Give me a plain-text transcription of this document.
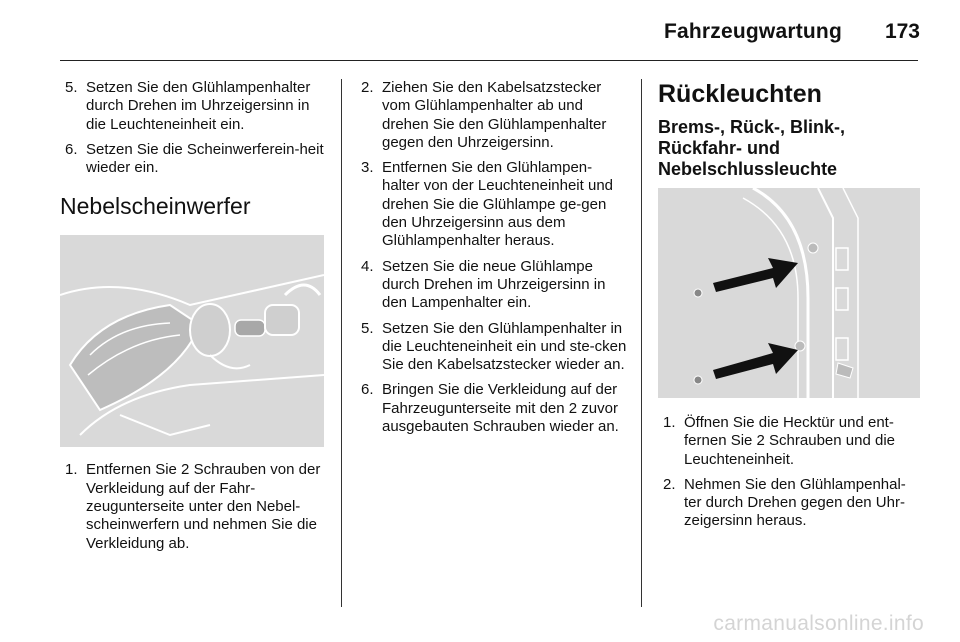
Fahrzeugwartung 173
5. Setzen Sie den Glühlampenhalter durch Drehen im Uhrzeigersinn in die Leuchteneinheit ein.
6. Setzen Sie die Scheinwerferein-heit wieder ein.
Nebelscheinwerfer
1. Entfernen Sie 2 Schrauben von der Verkleidung auf der Fahr-zeugunterseite unter den Nebel-scheinwerfern und nehmen Sie die Verkleidung ab.
2. Ziehen Sie den Kabelsatzstecker vom Glühlampenhalter ab und drehen Sie den Glühlampenhalter gegen den Uhrzeigersinn.
3. Entfernen Sie den Glühlampen-halter von der Leuchteneinheit und drehen Sie die Glühlampe ge-gen den Uhrzeigersinn aus dem Glühlampenhalter heraus.
4. Setzen Sie die neue Glühlampe durch Drehen im Uhrzeigersinn in den Lampenhalter ein.
5. Setzen Sie den Glühlampenhalter in die Leuchteneinheit ein und ste-cken Sie den Kabelsatzstecker wieder an.
6. Bringen Sie die Verkleidung auf der Fahrzeugunterseite mit den 2 zuvor ausgebauten Schrauben wieder an.
Rückleuchten
Brems-, Rück-, Blink-, Rückfahr- und Nebelschlussleuchte
1. Öffnen Sie die Hecktür und ent-fernen Sie 2 Schrauben und die Leuchteneinheit.
2. Nehmen Sie den Glühlampenhal-ter durch Drehen gegen den Uhr-zeigersinn heraus.
carmanualsonline.info
